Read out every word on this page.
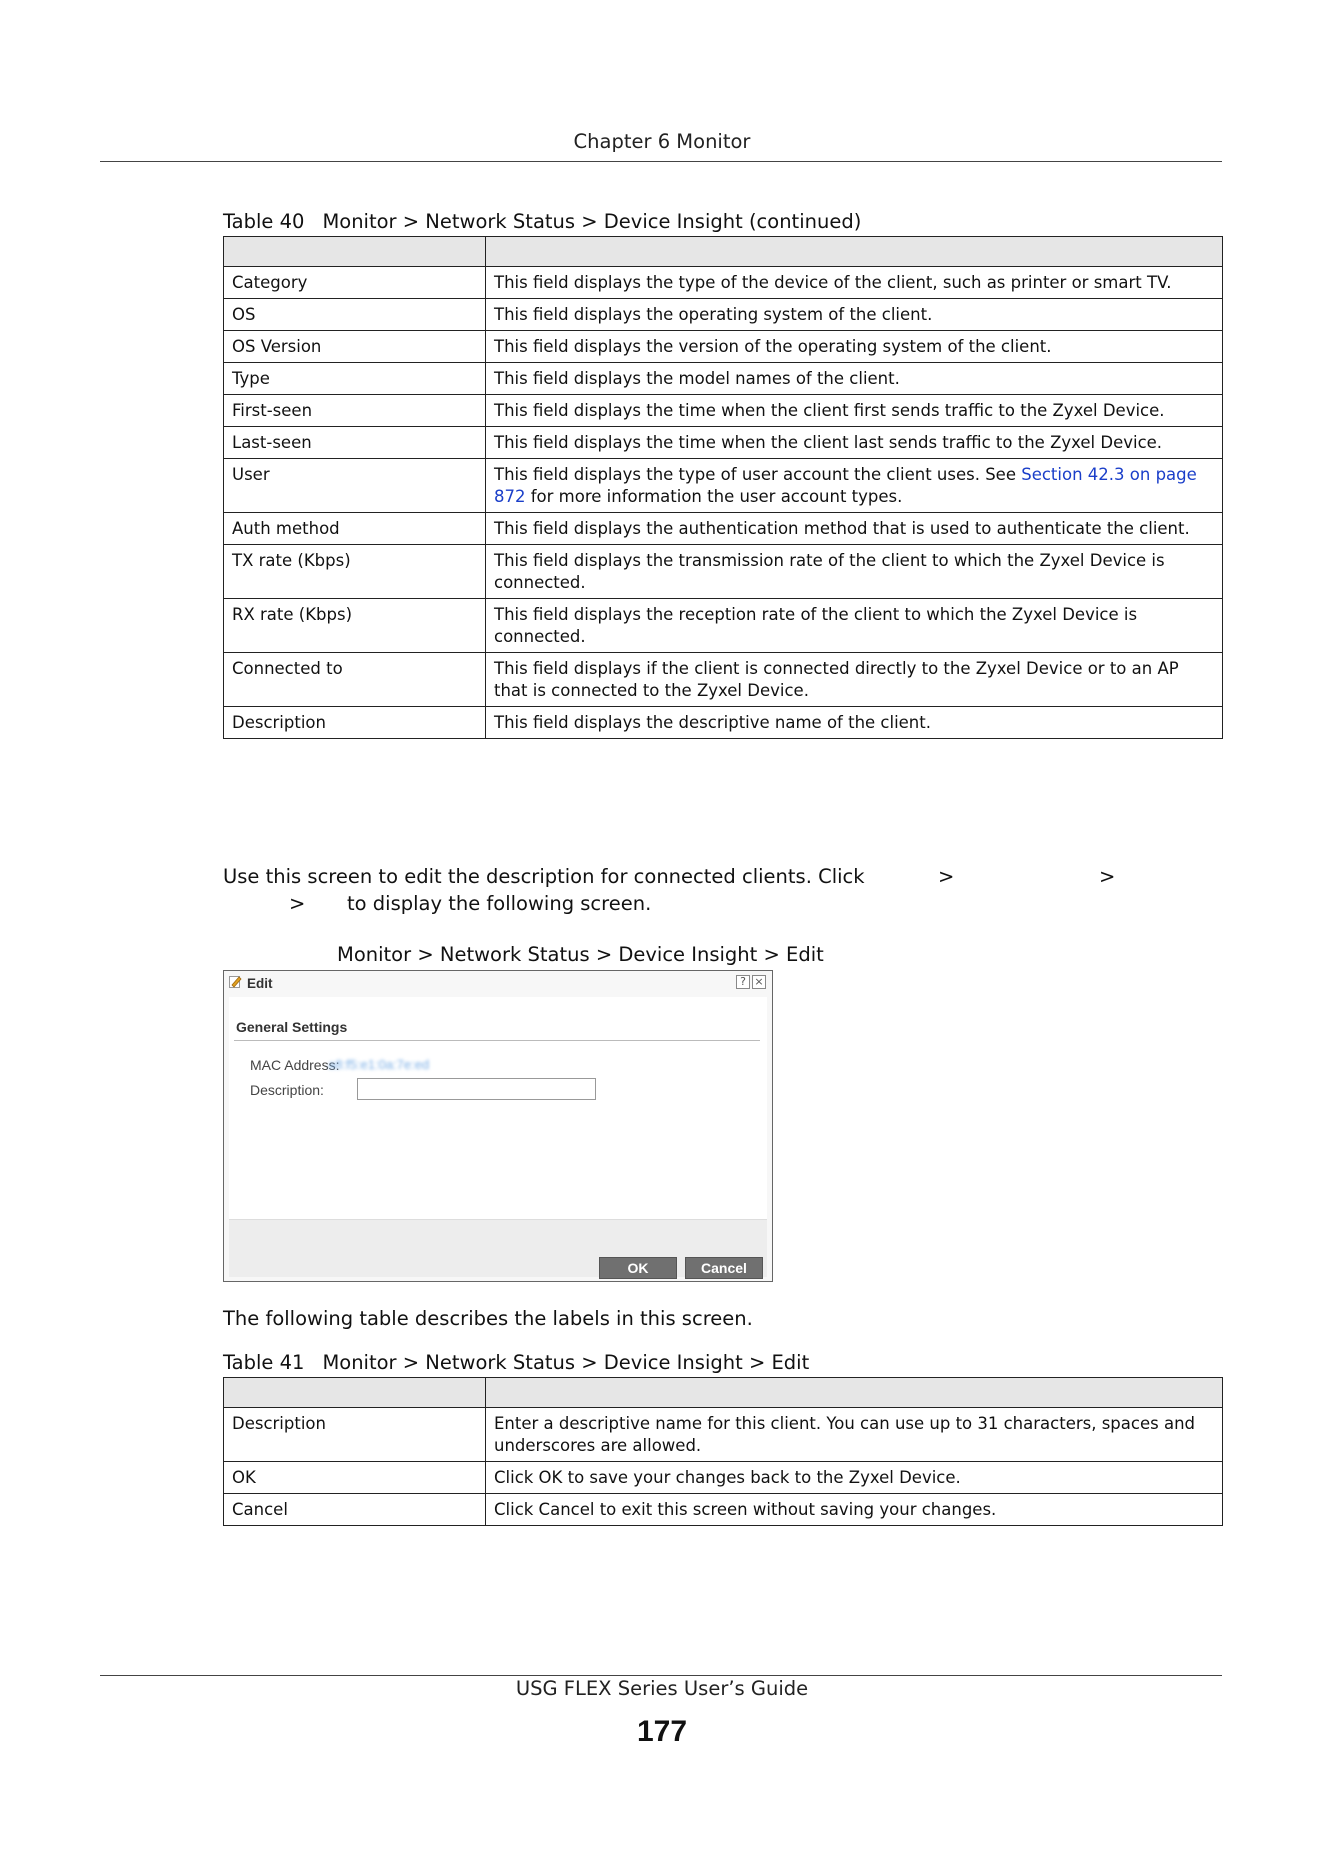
Chapter 6 Monitor
Table 40 Monitor > Network Status > Device Insight (continued)

Category	This field displays the type of the device of the client, such as printer or smart TV.
OS	This field displays the operating system of the client.
OS Version	This field displays the version of the operating system of the client.
Type	This field displays the model names of the client.
First-seen	This field displays the time when the client first sends traffic to the Zyxel Device.
Last-seen	This field displays the time when the client last sends traffic to the Zyxel Device.
User	This field displays the type of user account the client uses. See Section 42.3 on page 872 for more information the user account types.
Auth method	This field displays the authentication method that is used to authenticate the client.
TX rate (Kbps)	This field displays the transmission rate of the client to which the Zyxel Device is connected.
RX rate (Kbps)	This field displays the reception rate of the client to which the Zyxel Device is connected.
Connected to	This field displays if the client is connected directly to the Zyxel Device or to an AP that is connected to the Zyxel Device.
Description	This field displays the descriptive name of the client.
Use this screen to edit the description for connected clients. Click	>	>
> to display the following screen.
Monitor > Network Status > Device Insight > Edit
Edit	? ×
General Settings
MAC Address:
a8:f5:e1:0a:7e:ed
Description:
OK	Cancel
The following table describes the labels in this screen.
Table 41 Monitor > Network Status > Device Insight > Edit

Description	Enter a descriptive name for this client. You can use up to 31 characters, spaces and underscores are allowed.
OK	Click OK to save your changes back to the Zyxel Device.
Cancel	Click Cancel to exit this screen without saving your changes.
USG FLEX Series User’s Guide
177
